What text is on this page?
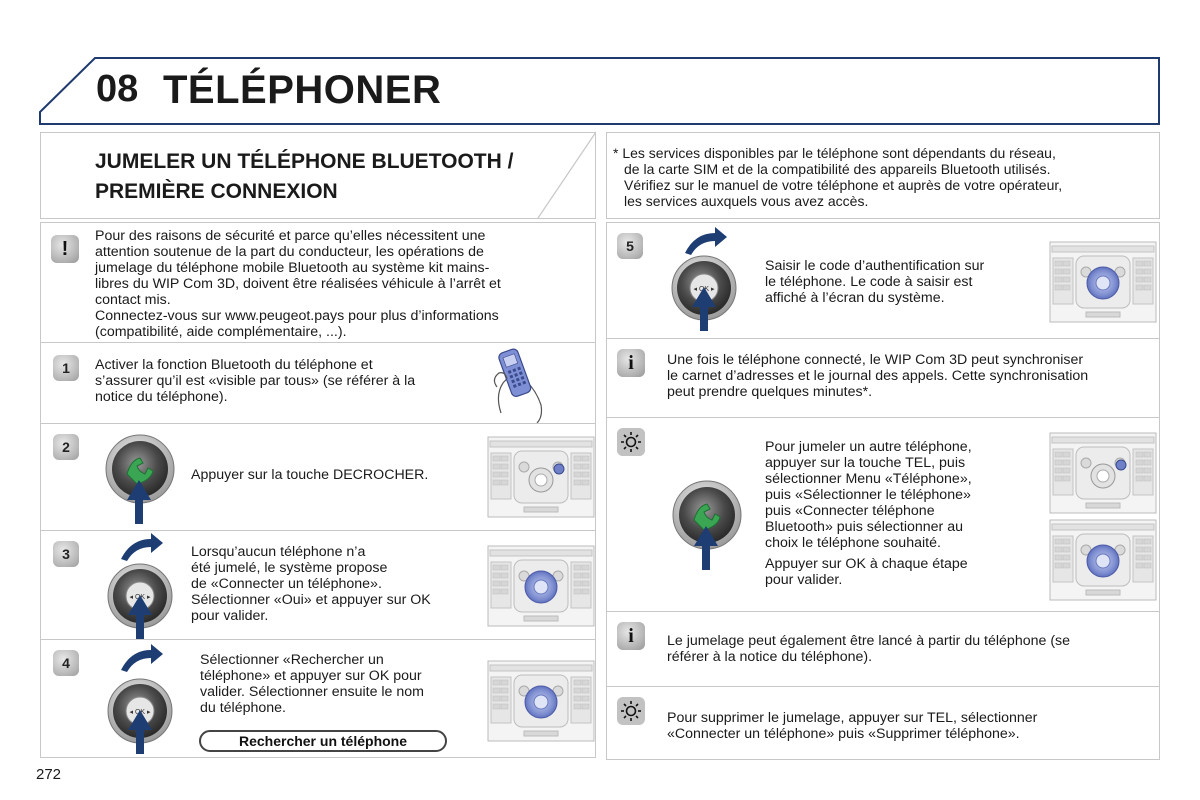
08 TÉLÉPHONER
JUMELER UN TÉLÉPHONE BLUETOOTH /
PREMIÈRE CONNEXION
* Les services disponibles par le téléphone sont dépendants du réseau,
de la carte SIM et de la compatibilité des appareils Bluetooth utilisés.
Vérifiez sur le manuel de votre téléphone et auprès de votre opérateur,
les services auxquels vous avez accès.
!
Pour des raisons de sécurité et parce qu’elles nécessitent une
attention soutenue de la part du conducteur, les opérations de
jumelage du téléphone mobile Bluetooth au système kit mains-
libres du WIP Com 3D, doivent être réalisées véhicule à l’arrêt et
contact mis.
Connectez-vous sur www.peugeot.pays pour plus d’informations
(compatibilité, aide complémentaire, ...).
1	Activer la fonction Bluetooth du téléphone et
s’assurer qu’il est «visible par tous» (se référer à la
notice du téléphone).
2
Appuyer sur la touche DECROCHER.
3	Lorsqu’aucun téléphone n’a
été jumelé, le système propose
de «Connecter un téléphone».
Sélectionner «Oui» et appuyer sur OK
pour valider.
4	Sélectionner «Rechercher un
téléphone» et appuyer sur OK pour
valider. Sélectionner ensuite le nom
du téléphone.
Rechercher un téléphone
5
Saisir le code d’authentification sur
le téléphone. Le code à saisir est
affiché à l’écran du système.
i	Une fois le téléphone connecté, le WIP Com 3D peut synchroniser
le carnet d’adresses et le journal des appels. Cette synchronisation
peut prendre quelques minutes*.
Pour jumeler un autre téléphone,
appuyer sur la touche TEL, puis
sélectionner Menu «Téléphone»,
puis «Sélectionner le téléphone»
puis «Connecter téléphone
Bluetooth» puis sélectionner au
choix le téléphone souhaité.
Appuyer sur OK à chaque étape
pour valider.
i	Le jumelage peut également être lancé à partir du téléphone (se
référer à la notice du téléphone).
Pour supprimer le jumelage, appuyer sur TEL, sélectionner
«Connecter un téléphone» puis «Supprimer téléphone».
272
